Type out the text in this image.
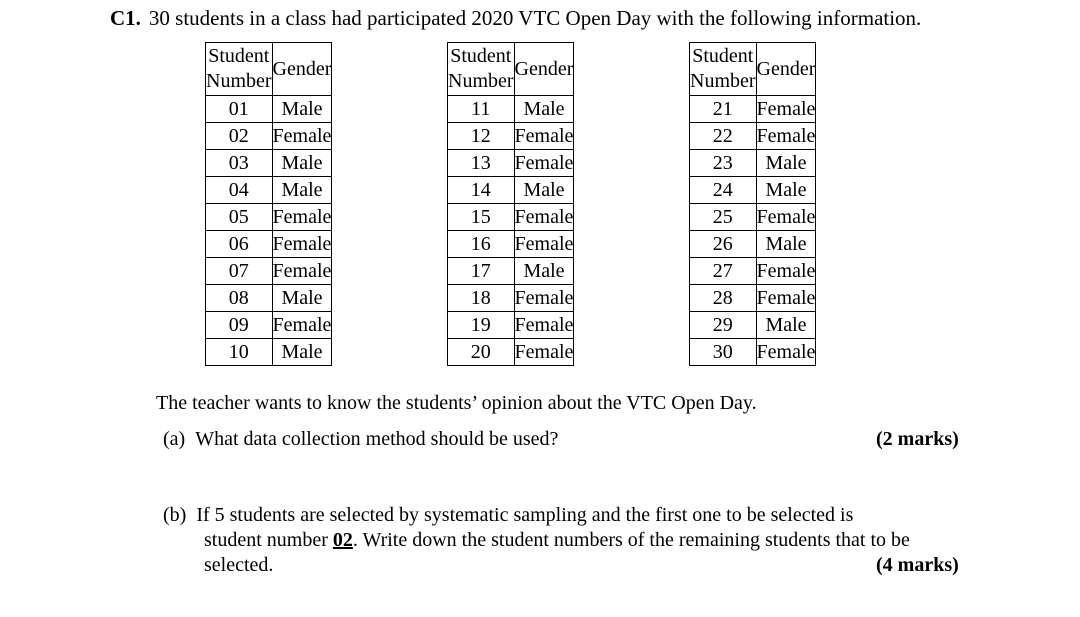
C1. 30 students in a class had participated 2020 VTC Open Day with the following information.
Student
Number	Gender
01	Male
02	Female
03	Male
04	Male
05	Female
06	Female
07	Female
08	Male
09	Female
10	Male
Student
Number	Gender
11	Male
12	Female
13	Female
14	Male
15	Female
16	Female
17	Male
18	Female
19	Female
20	Female
Student
Number	Gender
21	Female
22	Female
23	Male
24	Male
25	Female
26	Male
27	Female
28	Female
29	Male
30	Female
The teacher wants to know the students’ opinion about the VTC Open Day.
(a) What data collection method should be used?	(2 marks)
(b) If 5 students are selected by systematic sampling and the first one to be selected is
student number 02. Write down the student numbers of the remaining students that to be
selected.	(4 marks)
